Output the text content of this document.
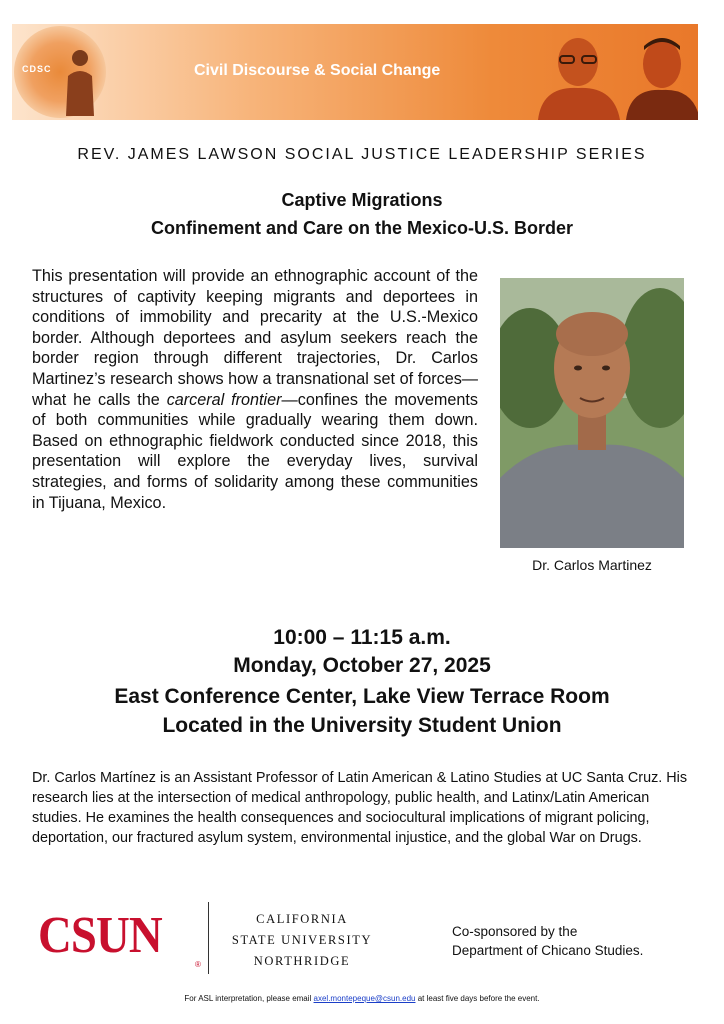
CDSC	Civil Discourse & Social Change
REV. JAMES LAWSON SOCIAL JUSTICE LEADERSHIP SERIES
Captive Migrations
Confinement and Care on the Mexico-U.S. Border
This presentation will provide an ethnographic account of the structures of captivity keeping migrants and deportees in conditions of immobility and precarity at the U.S.-Mexico border. Although deportees and asylum seekers reach the border region through different trajectories, Dr. Carlos Martinez’s research shows how a transnational set of forces—what he calls the carceral frontier—confines the movements of both communities while gradually wearing them down. Based on ethnographic fieldwork conducted since 2018, this presentation will explore the everyday lives, survival strategies, and forms of solidarity among these communities in Tijuana, Mexico.
Dr. Carlos Martinez
10:00 – 11:15 a.m.
Monday, October 27, 2025
East Conference Center, Lake View Terrace Room
Located in the University Student Union
Dr. Carlos Martínez is an Assistant Professor of Latin American & Latino Studies at UC Santa Cruz. His research lies at the intersection of medical anthropology, public health, and Latinx/Latin American studies. He examines the health consequences and sociocultural implications of migrant policing, deportation, our fractured asylum system, environmental injustice, and the global War on Drugs.
CSUN
®
CALIFORNIA
STATE UNIVERSITY
NORTHRIDGE
Co-sponsored by the
Department of Chicano Studies.
For ASL interpretation, please email axel.montepeque@csun.edu at least five days before the event.
